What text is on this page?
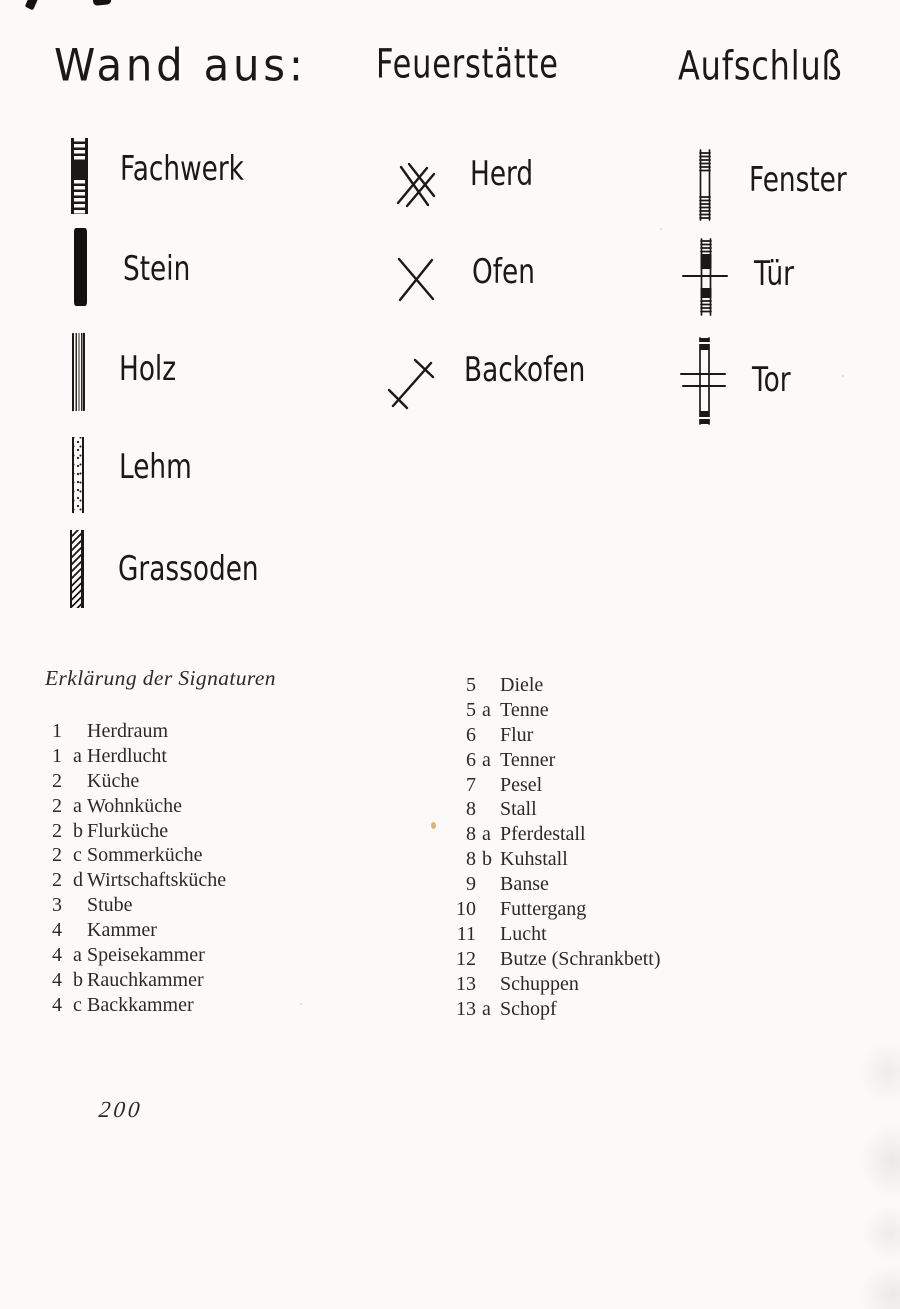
Wand aus: Feuerstätte	Aufschluß
Fachwerk
Stein
Holz
Lehm
Grassoden
Herd
Ofen
Backofen
Fenster
Tür
Tor
Erklärung der Signaturen
1 Herdraum
1 a Herdlucht
2 Küche
2 a Wohnküche
2 b Flurküche
2 c Sommerküche
2 d Wirtschaftsküche
3 Stube
4 Kammer
4 a Speisekammer
4 b Rauchkammer
4 c Backkammer
5 Diele
5 a Tenne
6 Flur
6 a Tenner
7 Pesel
8 Stall
8 a Pferdestall
8 b Kuhstall
9 Banse
10 Futtergang
11 Lucht
12 Butze (Schrankbett)
13 Schuppen
13 a Schopf
200
